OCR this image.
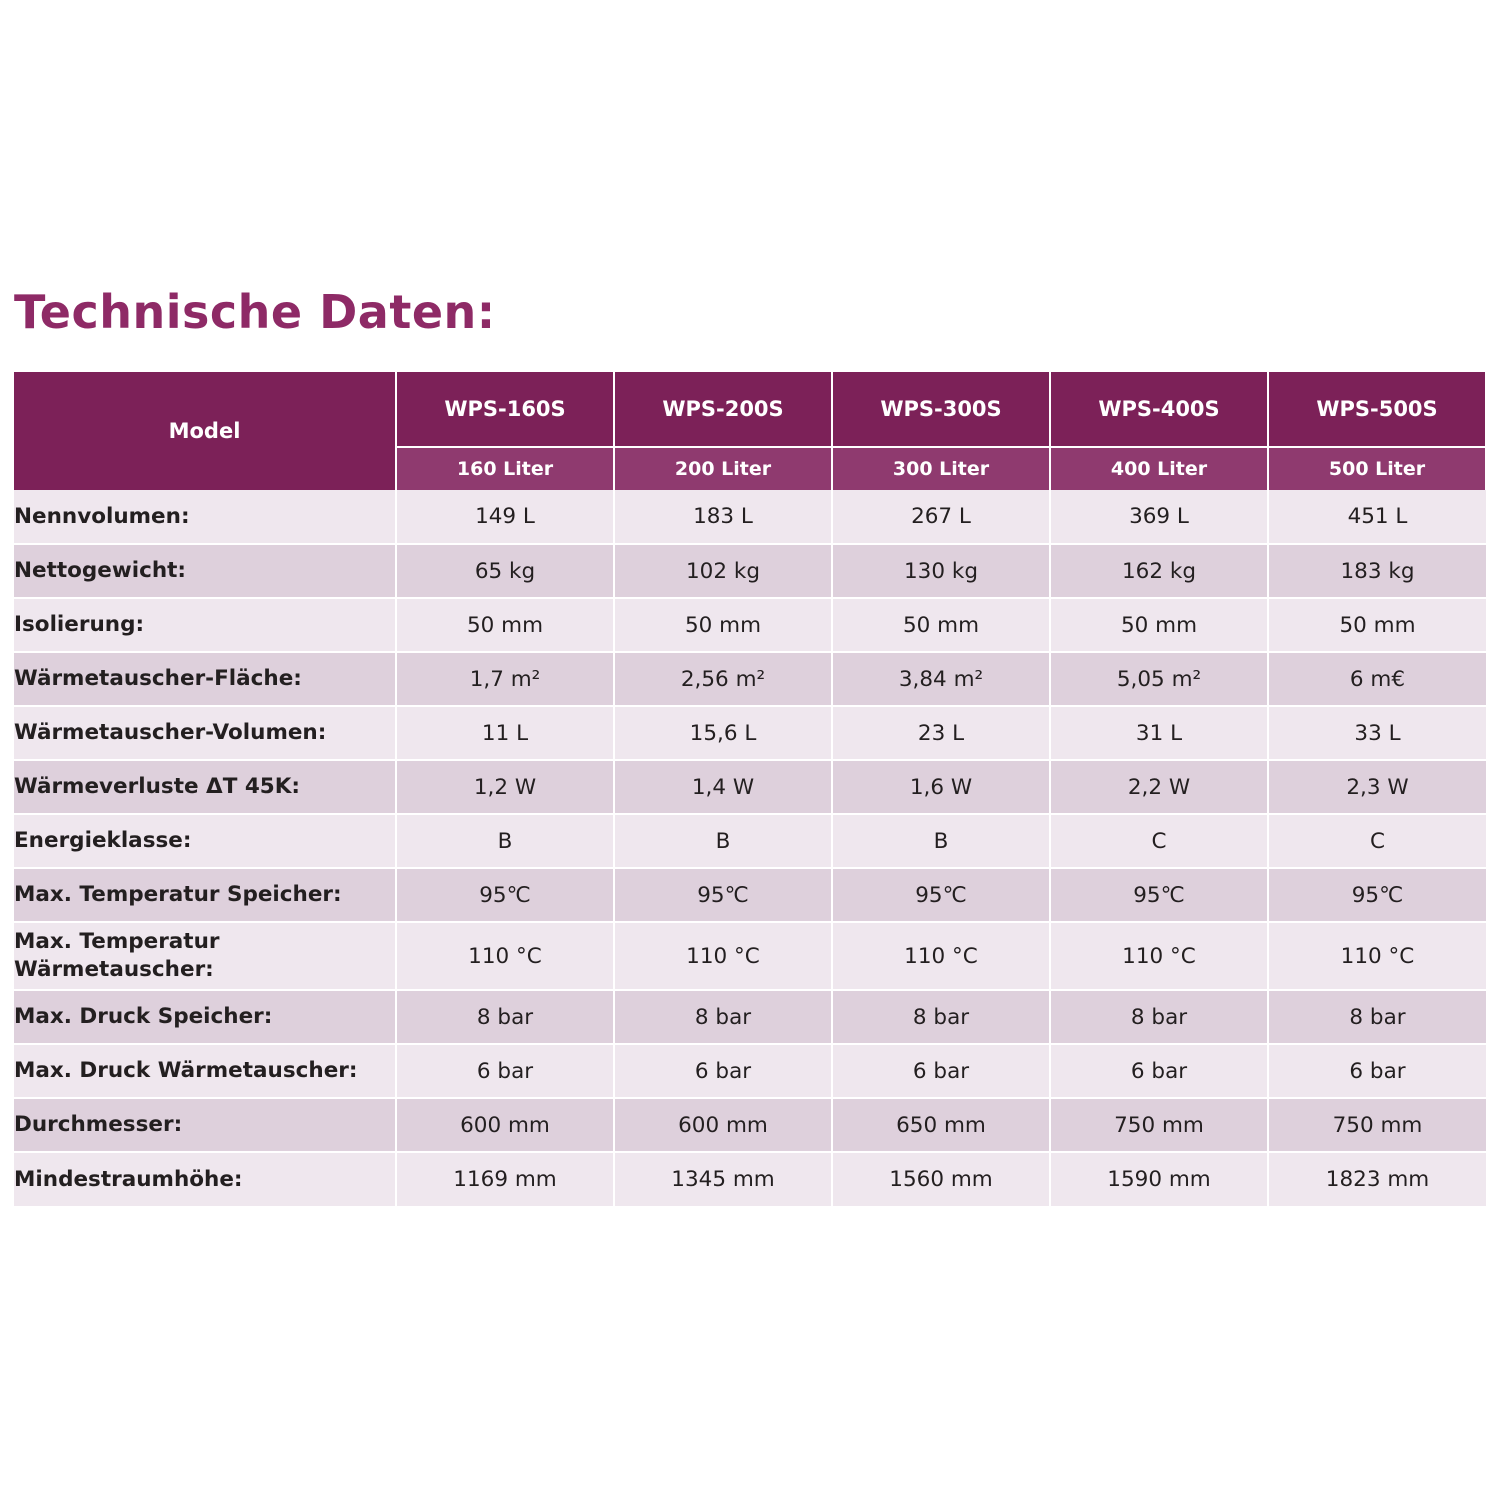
Technische Daten:
Model	WPS-160S	WPS-200S	WPS-300S	WPS-400S	WPS-500S
	160 Liter	200 Liter	300 Liter	400 Liter	500 Liter
Nennvolumen:	149 L	183 L	267 L	369 L	451 L
Nettogewicht:	65 kg	102 kg	130 kg	162 kg	183 kg
Isolierung:	50 mm	50 mm	50 mm	50 mm	50 mm
Wärmetauscher-Fläche:	1,7 m²	2,56 m²	3,84 m²	5,05 m²	6 m€
Wärmetauscher-Volumen:	11 L	15,6 L	23 L	31 L	33 L
Wärmeverluste ΔT 45K:	1,2 W	1,4 W	1,6 W	2,2 W	2,3 W
Energieklasse:	B	B	B	C	C
Max. Temperatur Speicher:	95℃	95℃	95℃	95℃	95℃
Max. Temperatur Wärmetauscher:	110 °C	110 °C	110 °C	110 °C	110 °C
Max. Druck Speicher:	8 bar	8 bar	8 bar	8 bar	8 bar
Max. Druck Wärmetauscher:	6 bar	6 bar	6 bar	6 bar	6 bar
Durchmesser:	600 mm	600 mm	650 mm	750 mm	750 mm
Mindestraumhöhe:	1169 mm	1345 mm	1560 mm	1590 mm	1823 mm
